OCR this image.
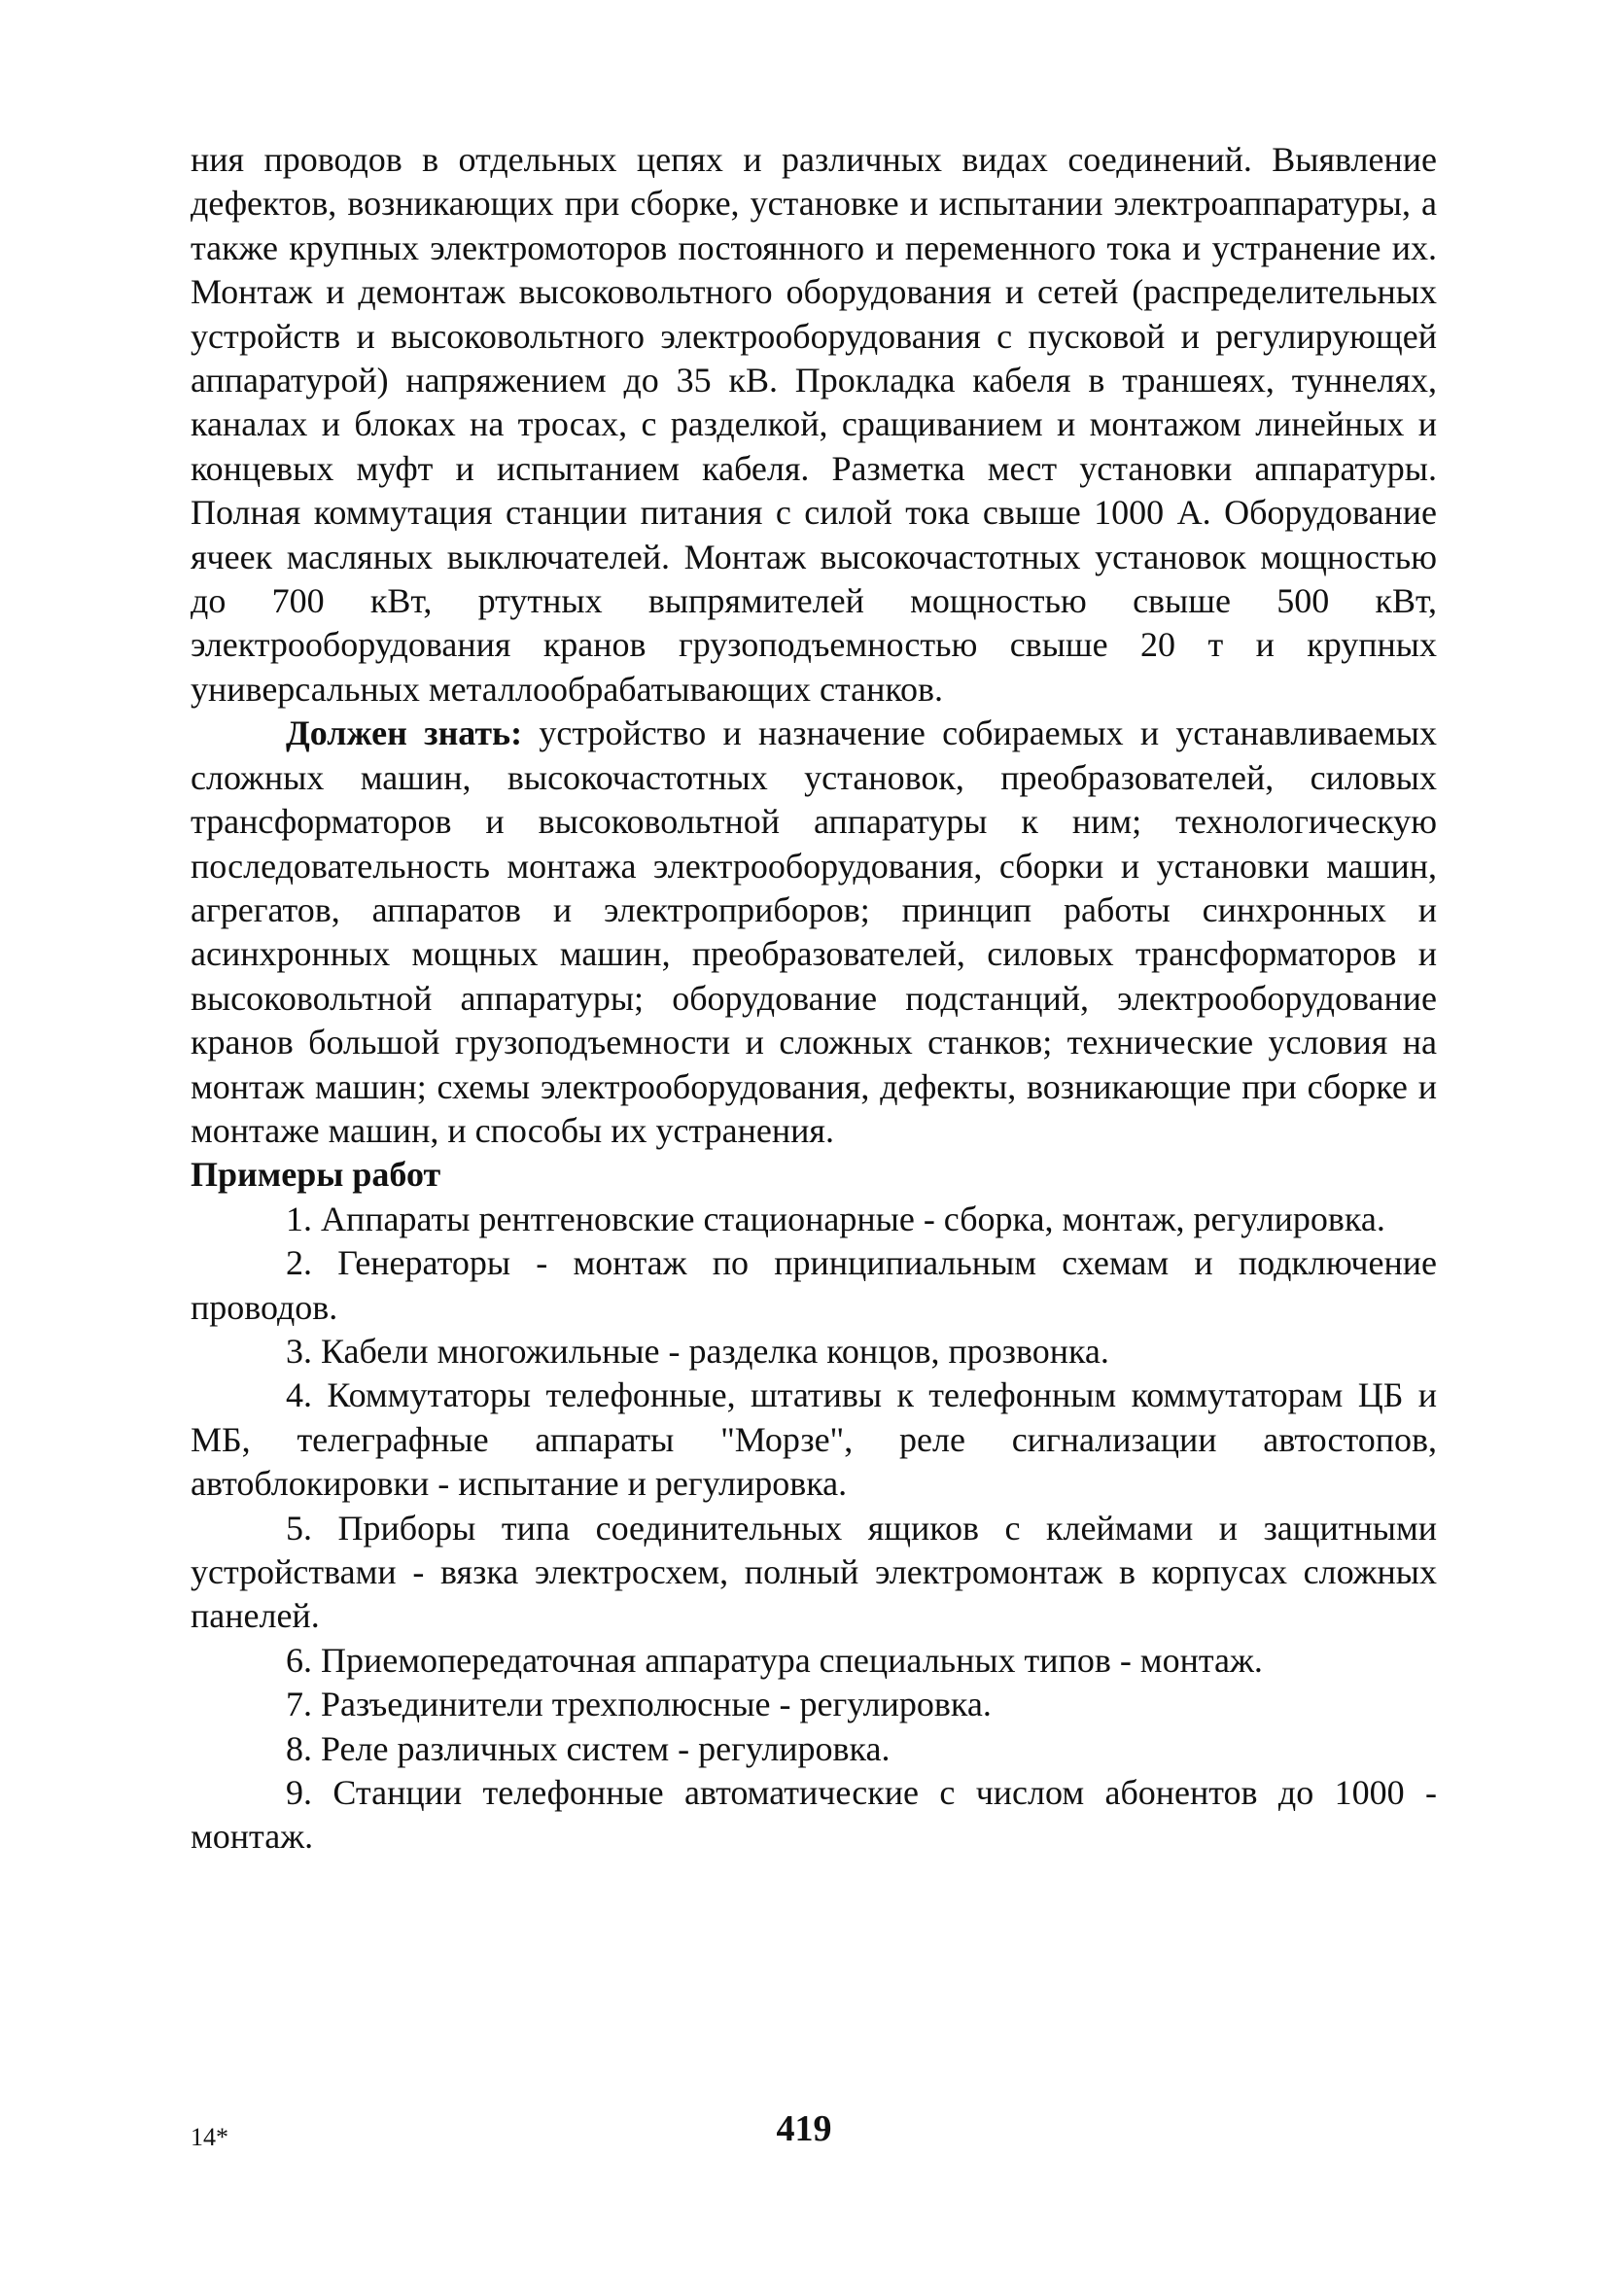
ния проводов в отдельных цепях и различных видах соединений. Выявление дефектов, возникающих при сборке, установке и испытании электроаппаратуры, а также крупных электромоторов постоянного и переменного тока и устранение их. Монтаж и демонтаж высоковольтного оборудования и сетей (распределительных устройств и высоковольтного электрооборудования с пусковой и регулирующей аппаратурой) напряжением до 35 кВ. Прокладка кабеля в траншеях, туннелях, каналах и блоках на тросах, с разделкой, сращиванием и монтажом линейных и концевых муфт и испытанием кабеля. Разметка мест установки аппаратуры. Полная коммутация станции питания с силой тока свыше 1000 А. Оборудование ячеек масляных выключателей. Монтаж высокочастотных установок мощностью до 700 кВт, ртутных выпрямителей мощностью свыше 500 кВт, электрооборудования кранов грузоподъемностью свыше 20 т и крупных универсальных металлообрабатывающих станков.

Должен знать: устройство и назначение собираемых и устанавливаемых сложных машин, высокочастотных установок, преобразователей, силовых трансформаторов и высоковольтной аппаратуры к ним; технологическую последовательность монтажа электрооборудования, сборки и установки машин, агрегатов, аппаратов и электроприборов; принцип работы синхронных и асинхронных мощных машин, преобразователей, силовых трансформаторов и высоковольтной аппаратуры; оборудование подстанций, электрооборудование кранов большой грузоподъемности и сложных станков; технические условия на монтаж машин; схемы электрооборудования, дефекты, возникающие при сборке и монтаже машин, и способы их устранения.

Примеры работ

1. Аппараты рентгеновские стационарные - сборка, монтаж, регулировка.

2. Генераторы - монтаж по принципиальным схемам и подключение проводов.

3. Кабели многожильные - разделка концов, прозвонка.

4. Коммутаторы телефонные, штативы к телефонным коммутаторам ЦБ и МБ, телеграфные аппараты "Морзе", реле сигнализации автостопов, автоблокировки - испытание и регулировка.

5. Приборы типа соединительных ящиков с клеймами и защитными устройствами - вязка электросхем, полный электромонтаж в корпусах сложных панелей.

6. Приемопередаточная аппаратура специальных типов - монтаж.

7. Разъединители трехполюсные - регулировка.

8. Реле различных систем - регулировка.

9. Станции телефонные автоматические с числом абонентов до 1000 - монтаж.

14*	419
